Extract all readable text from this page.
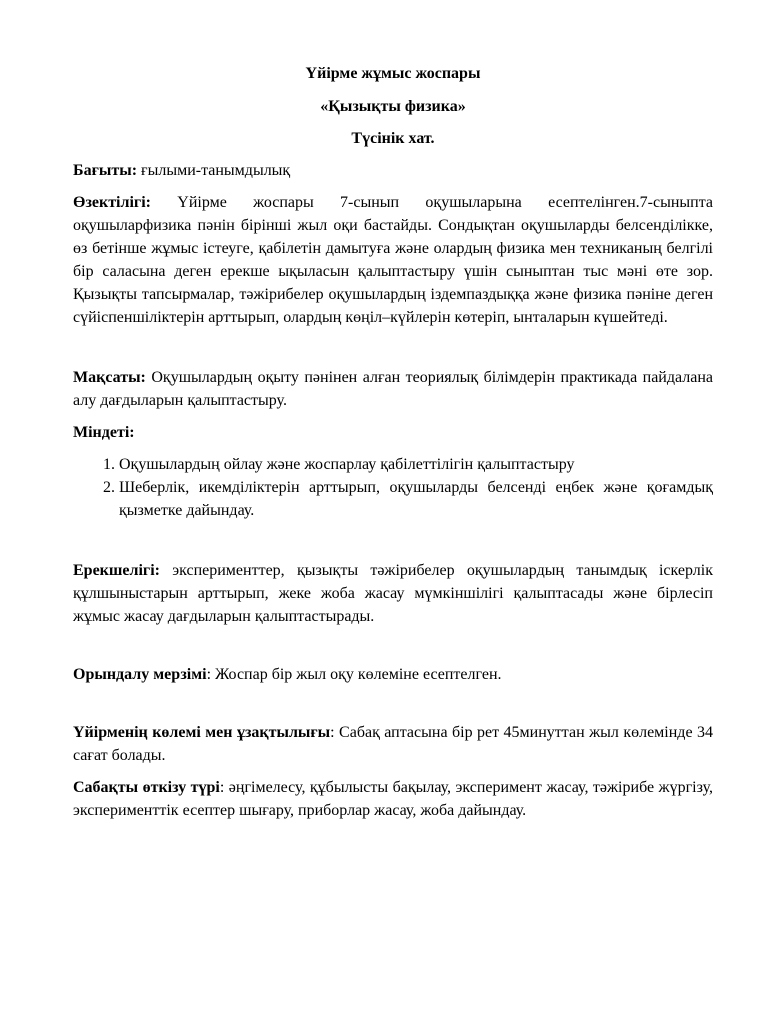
Үйірме жұмыс жоспары
«Қызықты физика»
Түсінік хат.

Бағыты: ғылыми-танымдылық

Өзектілігі: Үйірме жоспары 7-сынып оқушыларына есептелінген.7-сыныпта оқушыларфизика пәнін бірінші жыл оқи бастайды. Сондықтан оқушыларды белсенділікке, өз бетінше жұмыс істеуге, қабілетін дамытуға және олардың физика мен техниканың белгілі бір саласына деген ерекше ықыласын қалыптастыру үшін сыныптан тыс мәні өте зор. Қызықты тапсырмалар, тәжірибелер оқушылардың іздемпаздыққа және физика пәніне деген сүйіспеншіліктерін арттырып, олардың көңіл–күйлерін көтеріп, ынталарын күшейтеді.

Мақсаты: Оқушылардың оқыту пәнінен алған теориялық білімдерін практикада пайдалана алу дағдыларын қалыптастыру.

Міндеті:

1. Оқушылардың ойлау және жоспарлау қабілеттілігін қалыптастыру
2. Шеберлік, икемділіктерін арттырып, оқушыларды белсенді еңбек және қоғамдық қызметке дайындау.

Ерекшелігі: эксперименттер, қызықты тәжірибелер оқушылардың танымдық іскерлік құлшыныстарын арттырып, жеке жоба жасау мүмкіншілігі қалыптасады және бірлесіп жұмыс жасау дағдыларын қалыптастырады.

Орындалу мерзімі: Жоспар бір жыл оқу көлеміне есептелген.

Үйірменің көлемі мен ұзақтылығы: Сабақ аптасына бір рет 45минуттан жыл көлемінде 34 сағат болады.

Сабақты өткізу түрі: әңгімелесу, құбылысты бақылау, эксперимент жасау, тәжірибе жүргізу, эксперименттік есептер шығару, приборлар жасау, жоба дайындау.
